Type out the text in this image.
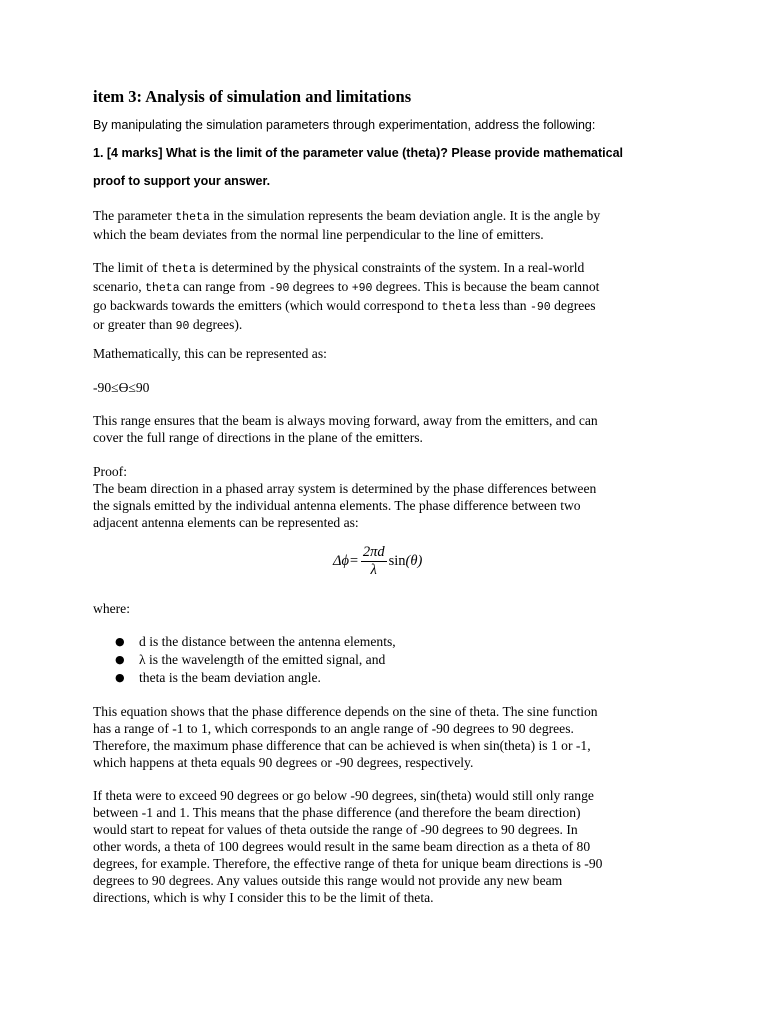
item 3: Analysis of simulation and limitations

By manipulating the simulation parameters through experimentation, address the following:

1. [4 marks] What is the limit of the parameter value (theta)? Please provide mathematical

proof to support your answer.

The parameter theta in the simulation represents the beam deviation angle. It is the angle by
which the beam deviates from the normal line perpendicular to the line of emitters.

The limit of theta is determined by the physical constraints of the system. In a real-world
scenario, theta can range from -90 degrees to +90 degrees. This is because the beam cannot
go backwards towards the emitters (which would correspond to theta less than -90 degrees
or greater than 90 degrees).

Mathematically, this can be represented as:

-90≤Ө≤90

This range ensures that the beam is always moving forward, away from the emitters, and can
cover the full range of directions in the plane of the emitters.

Proof:
The beam direction in a phased array system is determined by the phase differences between
the signals emitted by the individual antenna elements. The phase difference between two
adjacent antenna elements can be represented as:

$\Delta\phi= \frac{2\pi d}{\lambda}$ sin (θ)

where:

● d is the distance between the antenna elements,
● λ is the wavelength of the emitted signal, and
● theta is the beam deviation angle.

This equation shows that the phase difference depends on the sine of theta. The sine function
has a range of -1 to 1, which corresponds to an angle range of -90 degrees to 90 degrees.
Therefore, the maximum phase difference that can be achieved is when sin(theta) is 1 or -1,
which happens at theta equals 90 degrees or -90 degrees, respectively.

If theta were to exceed 90 degrees or go below -90 degrees, sin(theta) would still only range
between -1 and 1. This means that the phase difference (and therefore the beam direction)
would start to repeat for values of theta outside the range of -90 degrees to 90 degrees. In
other words, a theta of 100 degrees would result in the same beam direction as a theta of 80
degrees, for example. Therefore, the effective range of theta for unique beam directions is -90
degrees to 90 degrees. Any values outside this range would not provide any new beam
directions, which is why I consider this to be the limit of theta.
